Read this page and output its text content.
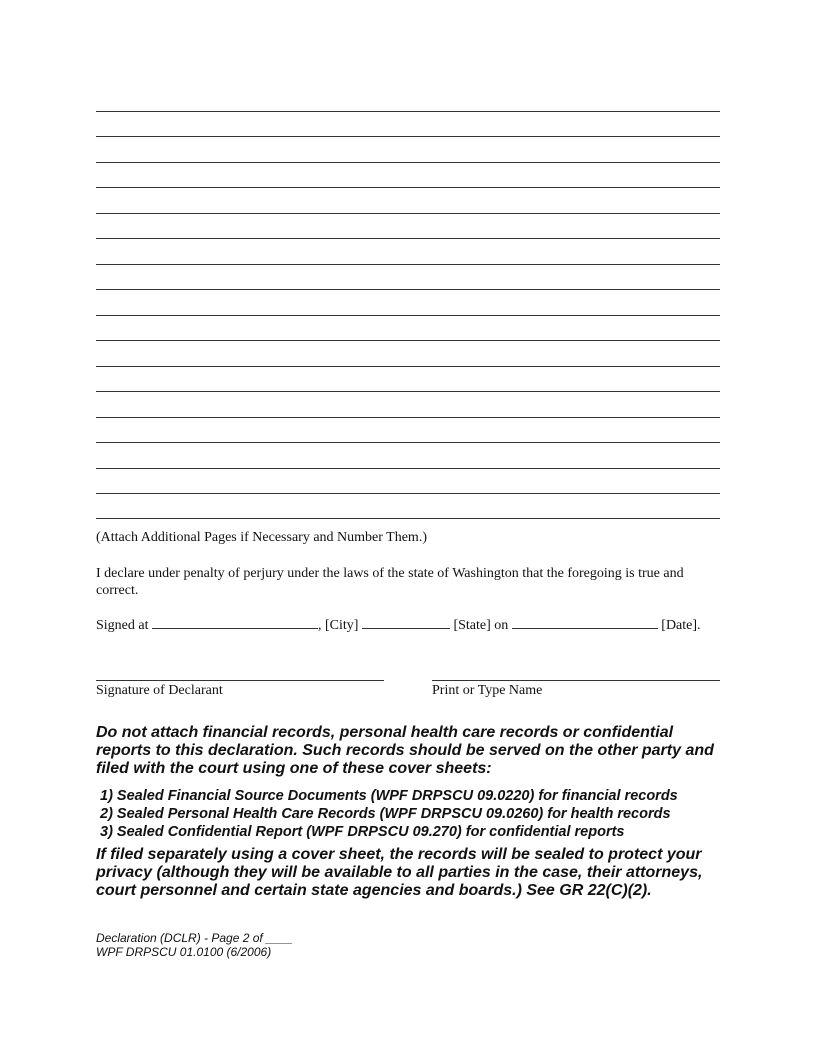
(Attach Additional Pages if Necessary and Number Them.)
I declare under penalty of perjury under the laws of the state of Washington that the foregoing is true and correct.
Signed at	, [City]	[State] on	[Date].
Signature of Declarant	Print or Type Name
Do not attach financial records, personal health care records or confidential reports to this declaration. Such records should be served on the other party and filed with the court using one of these cover sheets:
1) Sealed Financial Source Documents (WPF DRPSCU 09.0220) for financial records
2) Sealed Personal Health Care Records (WPF DRPSCU 09.0260) for health records
3) Sealed Confidential Report (WPF DRPSCU 09.270) for confidential reports
If filed separately using a cover sheet, the records will be sealed to protect your privacy (although they will be available to all parties in the case, their attorneys, court personnel and certain state agencies and boards.) See GR 22(C)(2).
Declaration (DCLR) - Page 2 of ____
WPF DRPSCU 01.0100 (6/2006)
